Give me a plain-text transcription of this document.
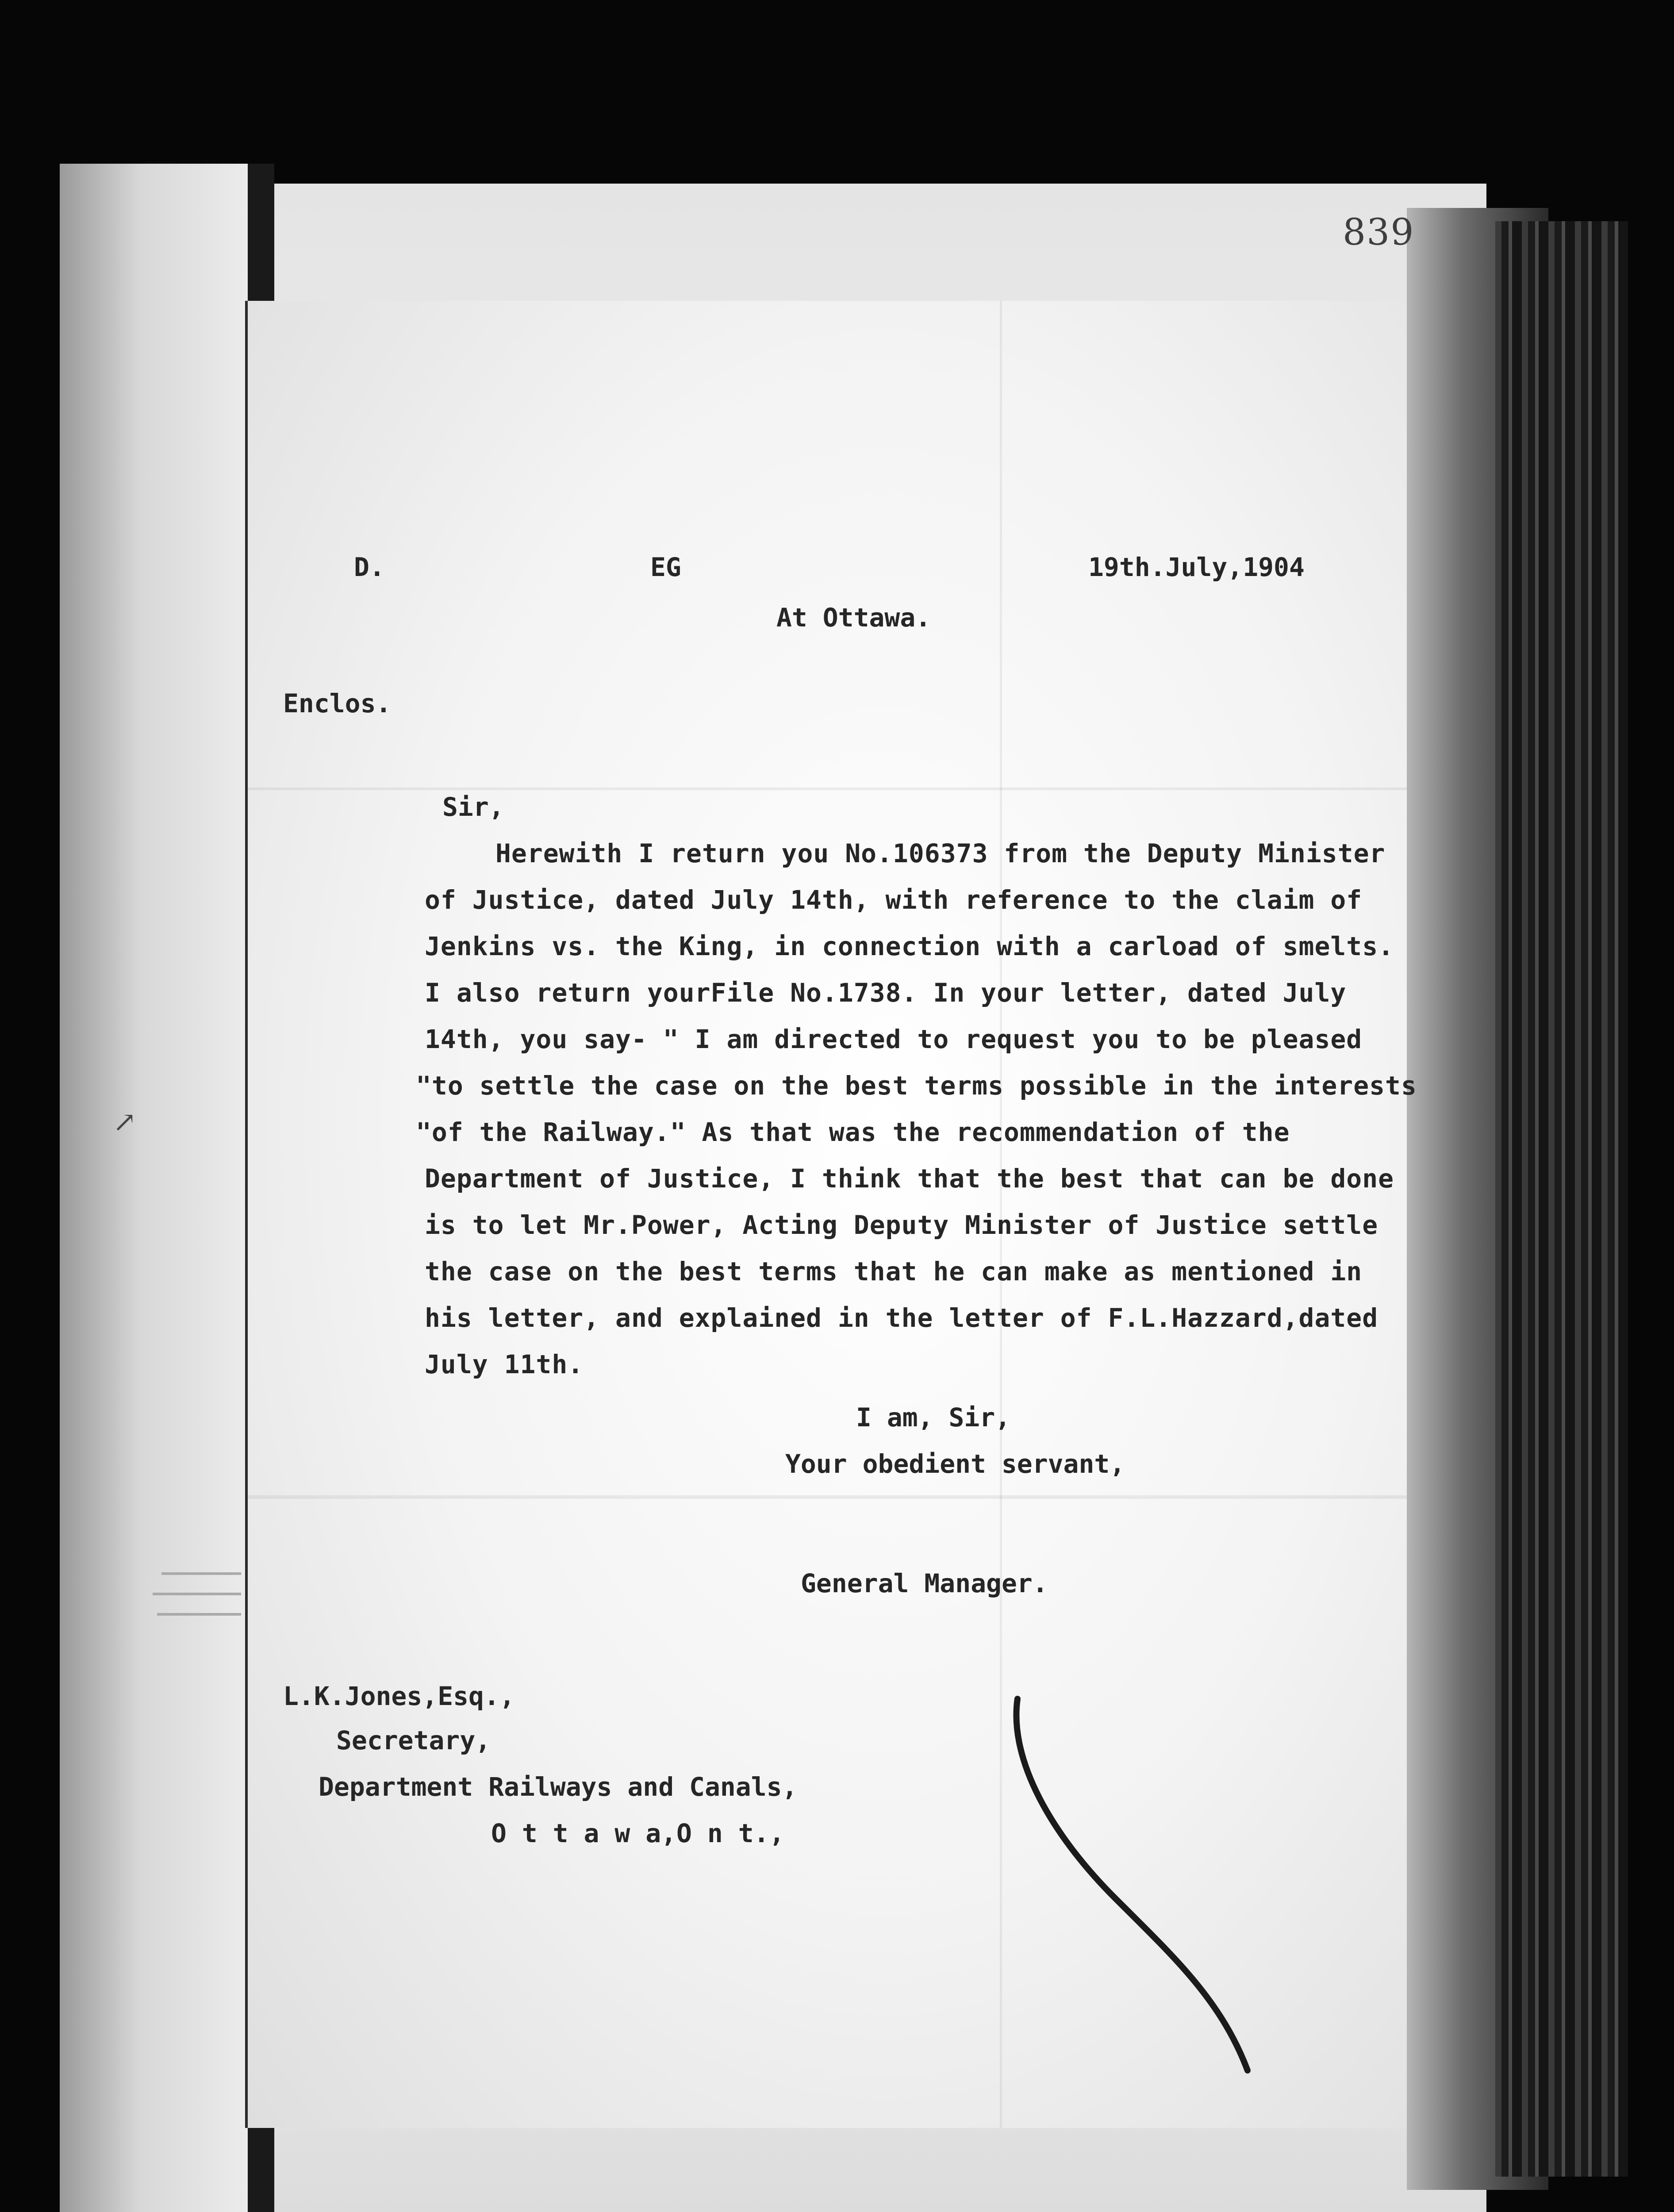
839
D.	EG	19th.July,1904
At Ottawa.
Enclos.
Sir,
Herewith I return you No.106373 from the Deputy Minister
of Justice, dated July 14th, with reference to the claim of
Jenkins vs. the King, in connection with a carload of smelts.
I also return yourFile No.1738. In your letter, dated July
14th, you say- " I am directed to request you to be pleased
"to settle the case on the best terms possible in the interests
"of the Railway." As that was the recommendation of the
Department of Justice, I think that the best that can be done
is to let Mr.Power, Acting Deputy Minister of Justice settle
the case on the best terms that he can make as mentioned in
his letter, and explained in the letter of F.L.Hazzard,dated
July 11th.
I am, Sir,
Your obedient servant,
General Manager.
L.K.Jones,Esq.,
Secretary,
Department Railways and Canals,
O t t a w a,O n t.,
↗
